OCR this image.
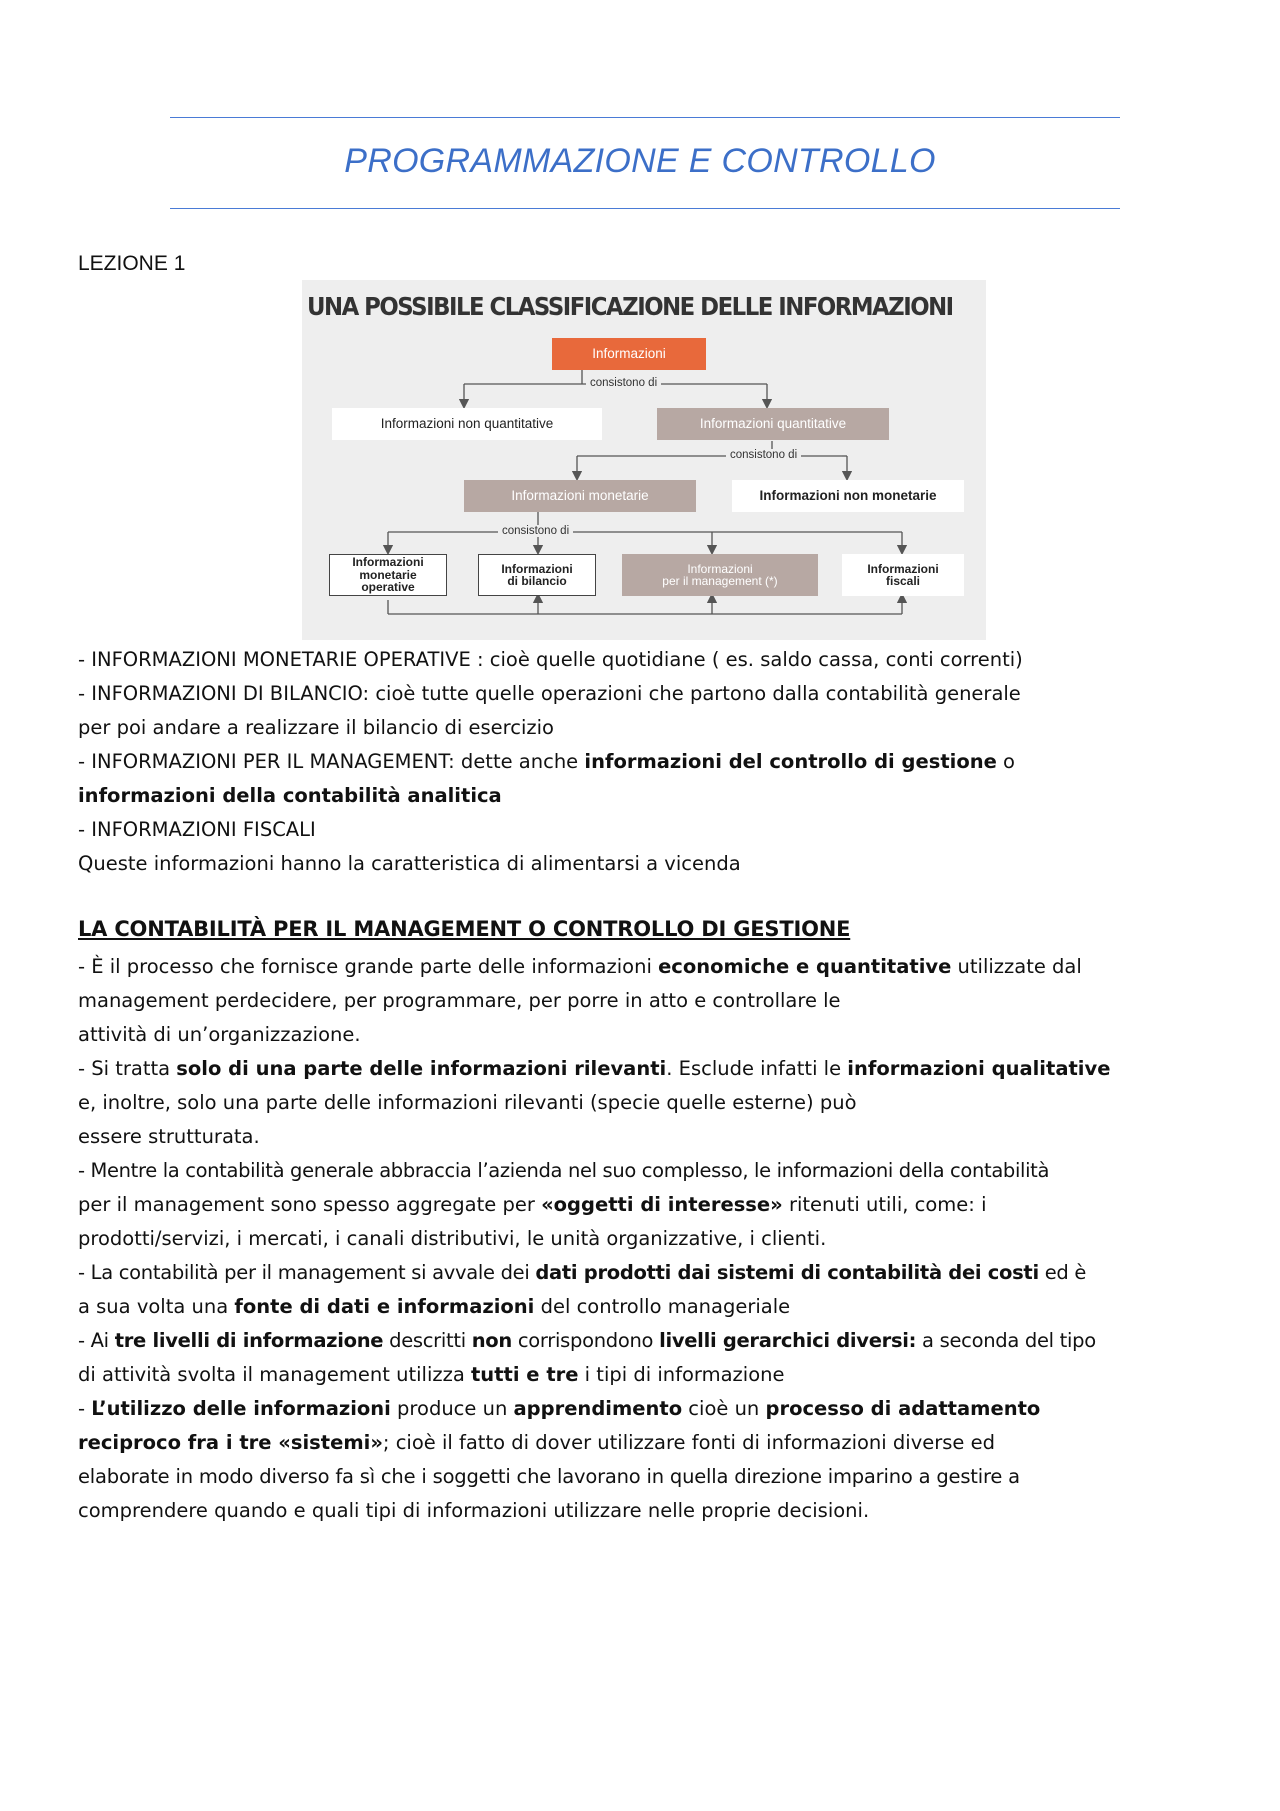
PROGRAMMAZIONE E CONTROLLO
LEZIONE 1
UNA POSSIBILE CLASSIFICAZIONE DELLE INFORMAZIONI
Informazioni
consistono di
Informazioni non quantitative	Informazioni quantitative
consistono di
Informazioni monetarie	Informazioni non monetarie
consistono di
Informazioni
monetarie
operative
Informazioni
di bilancio
Informazioni
per il management (*)
Informazioni
fiscali

- INFORMAZIONI MONETARIE OPERATIVE : cioè quelle quotidiane ( es. saldo cassa, conti correnti)

- INFORMAZIONI DI BILANCIO: cioè tutte quelle operazioni che partono dalla contabilità generale

per poi andare a realizzare il bilancio di esercizio

- INFORMAZIONI PER IL MANAGEMENT: dette anche informazioni del controllo di gestione o

informazioni della contabilità analitica

- INFORMAZIONI FISCALI

Queste informazioni hanno la caratteristica di alimentarsi a vicenda

LA CONTABILITÀ PER IL MANAGEMENT O CONTROLLO DI GESTIONE

- È il processo che fornisce grande parte delle informazioni economiche e quantitative utilizzate dal

management perdecidere, per programmare, per porre in atto e controllare le

attività di un’organizzazione.

- Si tratta solo di una parte delle informazioni rilevanti. Esclude infatti le informazioni qualitative

e, inoltre, solo una parte delle informazioni rilevanti (specie quelle esterne) può

essere strutturata.

- Mentre la contabilità generale abbraccia l’azienda nel suo complesso, le informazioni della contabilità

per il management sono spesso aggregate per «oggetti di interesse» ritenuti utili, come: i

prodotti/servizi, i mercati, i canali distributivi, le unità organizzative, i clienti.

- La contabilità per il management si avvale dei dati prodotti dai sistemi di contabilità dei costi ed è

a sua volta una fonte di dati e informazioni del controllo manageriale

- Ai tre livelli di informazione descritti non corrispondono livelli gerarchici diversi: a seconda del tipo

di attività svolta il management utilizza tutti e tre i tipi di informazione

- L’utilizzo delle informazioni produce un apprendimento cioè un processo di adattamento

reciproco fra i tre «sistemi»; cioè il fatto di dover utilizzare fonti di informazioni diverse ed

elaborate in modo diverso fa sì che i soggetti che lavorano in quella direzione imparino a gestire a

comprendere quando e quali tipi di informazioni utilizzare nelle proprie decisioni.
